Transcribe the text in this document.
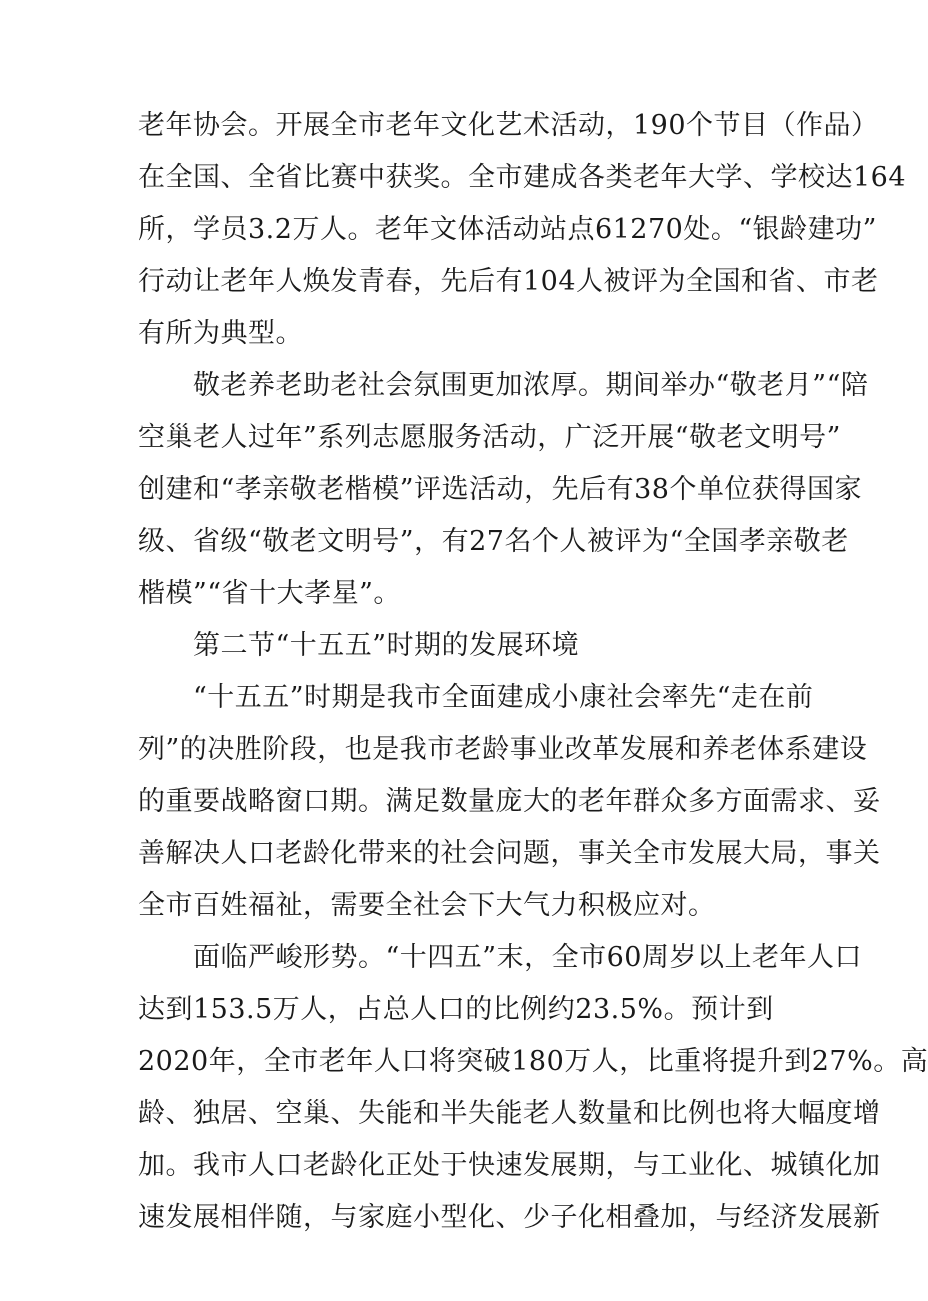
老年协会。开展全市老年文化艺术活动，190个节目（作品）
在全国、全省比赛中获奖。全市建成各类老年大学、学校达164
所，学员3.2万人。老年文体活动站点61270处。“银龄建功”
行动让老年人焕发青春，先后有104人被评为全国和省、市老
有所为典型。
　　敬老养老助老社会氛围更加浓厚。期间举办“敬老月”“陪
空巢老人过年”系列志愿服务活动，广泛开展“敬老文明号”
创建和“孝亲敬老楷模”评选活动，先后有38个单位获得国家
级、省级“敬老文明号”，有27名个人被评为“全国孝亲敬老
楷模”“省十大孝星”。
　　第二节“十五五”时期的发展环境
　　“十五五”时期是我市全面建成小康社会率先“走在前
列”的决胜阶段，也是我市老龄事业改革发展和养老体系建设
的重要战略窗口期。满足数量庞大的老年群众多方面需求、妥
善解决人口老龄化带来的社会问题，事关全市发展大局，事关
全市百姓福祉，需要全社会下大气力积极应对。
　　面临严峻形势。“十四五”末，全市60周岁以上老年人口
达到153.5万人，占总人口的比例约23.5%。预计到
2020年，全市老年人口将突破180万人，比重将提升到27%。高
龄、独居、空巢、失能和半失能老人数量和比例也将大幅度增
加。我市人口老龄化正处于快速发展期，与工业化、城镇化加
速发展相伴随，与家庭小型化、少子化相叠加，与经济发展新
